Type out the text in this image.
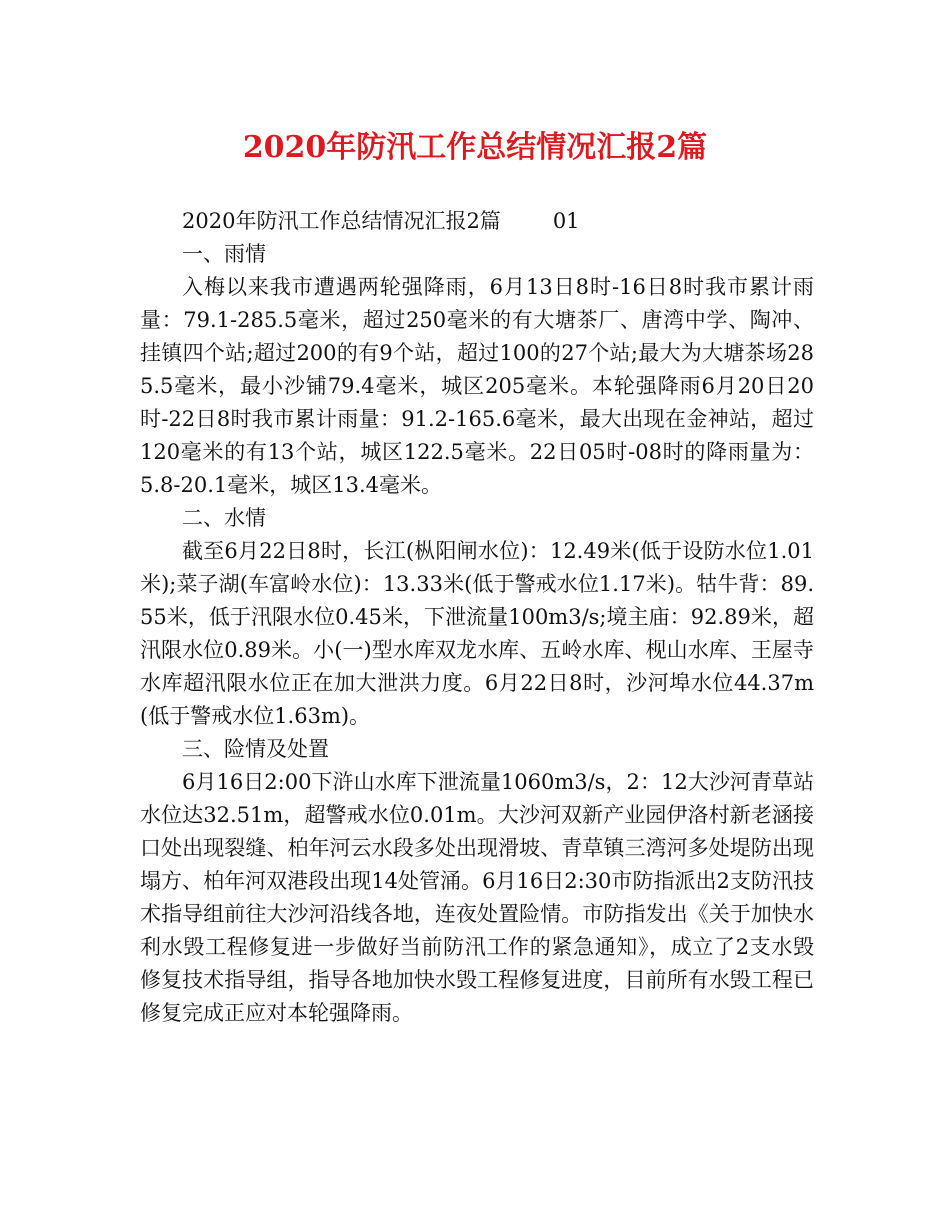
2020年防汛工作总结情况汇报2篇

2020年防汛工作总结情况汇报2篇 01

一、雨情

入梅以来我市遭遇两轮强降雨，6月13日8时-16日8时我市累计雨量：79.1-285.5毫米，超过250毫米的有大塘茶厂、唐湾中学、陶冲、挂镇四个站;超过200的有9个站，超过100的27个站;最大为大塘茶场285.5毫米，最小沙铺79.4毫米，城区205毫米。本轮强降雨6月20日20时-22日8时我市累计雨量：91.2-165.6毫米，最大出现在金神站，超过120毫米的有13个站，城区122.5毫米。22日05时-08时的降雨量为：5.8-20.1毫米，城区13.4毫米。

二、水情

截至6月22日8时，长江(枞阳闸水位)：12.49米(低于设防水位1.01米);菜子湖(车富岭水位)：13.33米(低于警戒水位1.17米)。牯牛背：89.55米，低于汛限水位0.45米，下泄流量100m3/s;境主庙：92.89米，超汛限水位0.89米。小(一)型水库双龙水库、五岭水库、枧山水库、王屋寺水库超汛限水位正在加大泄洪力度。6月22日8时，沙河埠水位44.37m(低于警戒水位1.63m)。

三、险情及处置

6月16日2:00下浒山水库下泄流量1060m3/s，2：12大沙河青草站水位达32.51m，超警戒水位0.01m。大沙河双新产业园伊洛村新老涵接口处出现裂缝、柏年河云水段多处出现滑坡、青草镇三湾河多处堤防出现塌方、柏年河双港段出现14处管涌。6月16日2:30市防指派出2支防汛技术指导组前往大沙河沿线各地，连夜处置险情。市防指发出《关于加快水利水毁工程修复进一步做好当前防汛工作的紧急通知》，成立了2支水毁修复技术指导组，指导各地加快水毁工程修复进度，目前所有水毁工程已修复完成正应对本轮强降雨。
